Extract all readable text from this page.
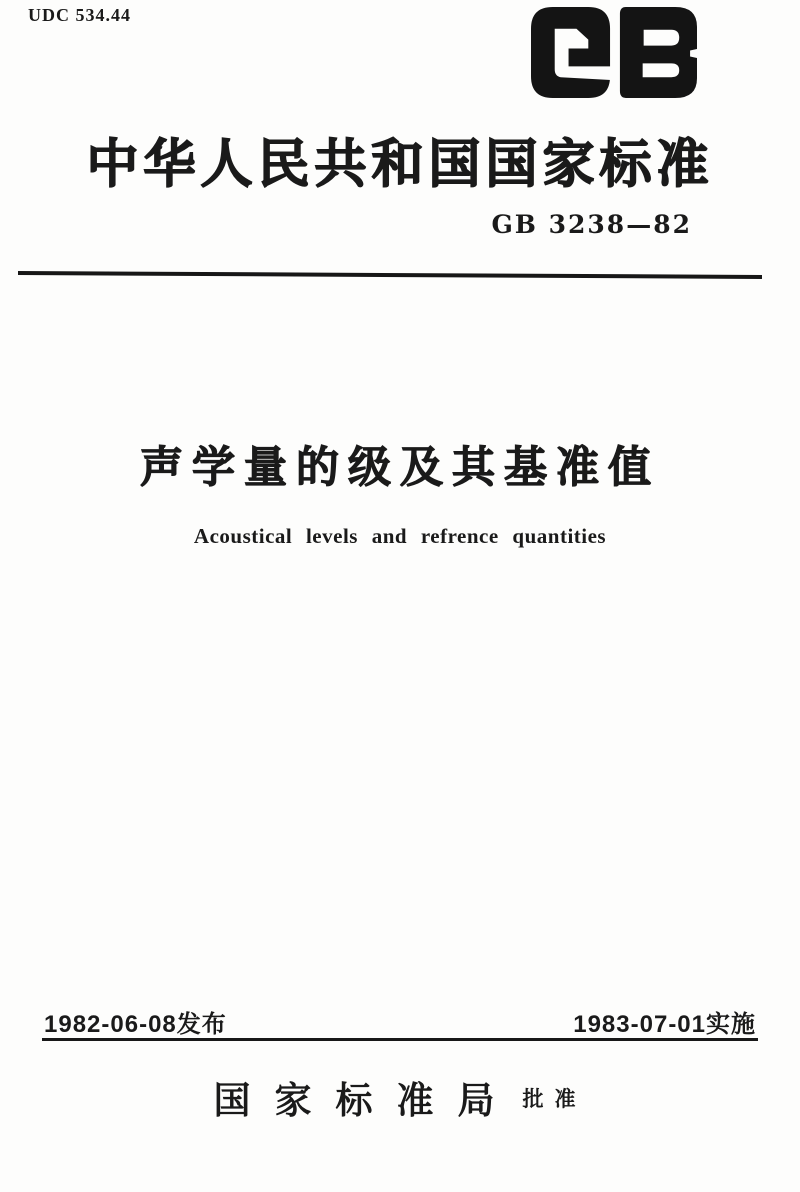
UDC 534.44
中华人民共和国国家标准
GB 3238—82
声学量的级及其基准值
Acoustical levels and refrence quantities
1982-06-08发布	1983-07-01实施
国家标准局 批准
